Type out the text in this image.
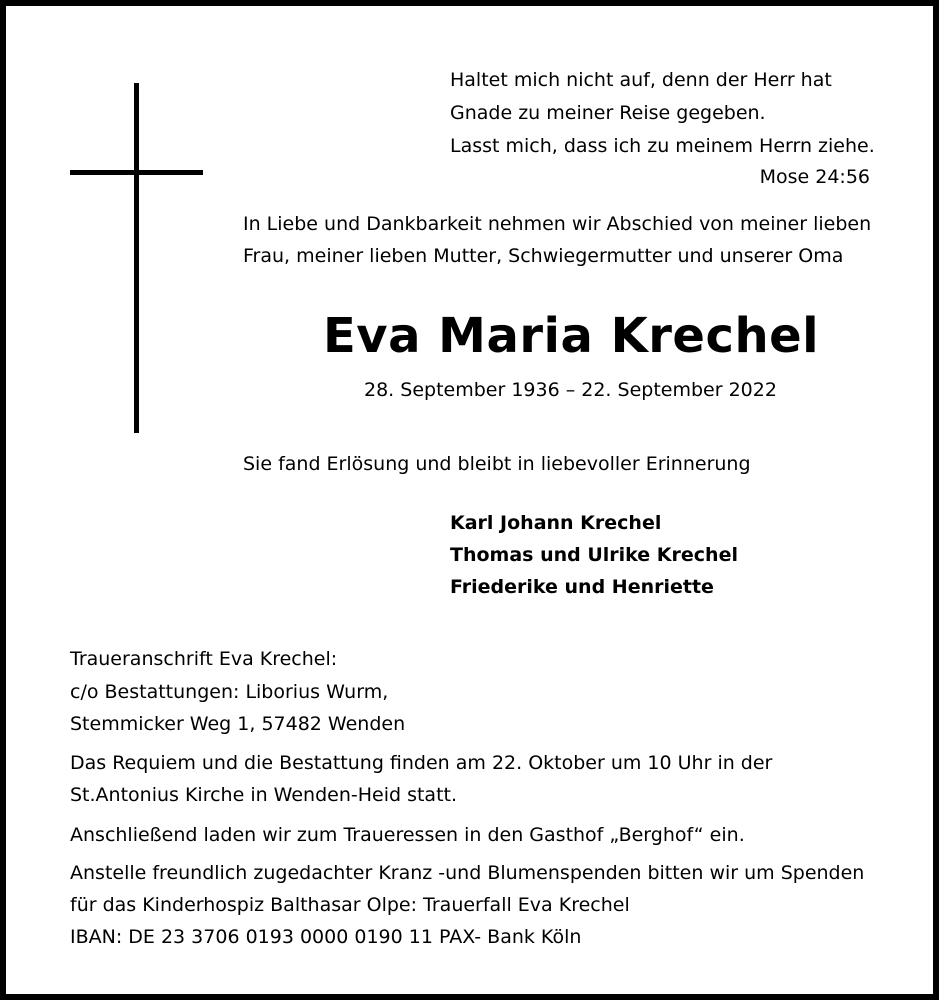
Haltet mich nicht auf, denn der Herr hat
Gnade zu meiner Reise gegeben.
Lasst mich, dass ich zu meinem Herrn ziehe.
Mose 24:56
In Liebe und Dankbarkeit nehmen wir Abschied von meiner lieben
Frau, meiner lieben Mutter, Schwiegermutter und unserer Oma
Eva Maria Krechel
28. September 1936 – 22. September 2022
Sie fand Erlösung und bleibt in liebevoller Erinnerung
Karl Johann Krechel
Thomas und Ulrike Krechel
Friederike und Henriette
Traueranschrift Eva Krechel:
c/o Bestattungen: Liborius Wurm,
Stemmicker Weg 1, 57482 Wenden
Das Requiem und die Bestattung finden am 22. Oktober um 10 Uhr in der
St.Antonius Kirche in Wenden-Heid statt.
Anschließend laden wir zum Traueressen in den Gasthof „Berghof“ ein.
Anstelle freundlich zugedachter Kranz -und Blumenspenden bitten wir um Spenden
für das Kinderhospiz Balthasar Olpe: Trauerfall Eva Krechel
IBAN: DE 23 3706 0193 0000 0190 11 PAX- Bank Köln
